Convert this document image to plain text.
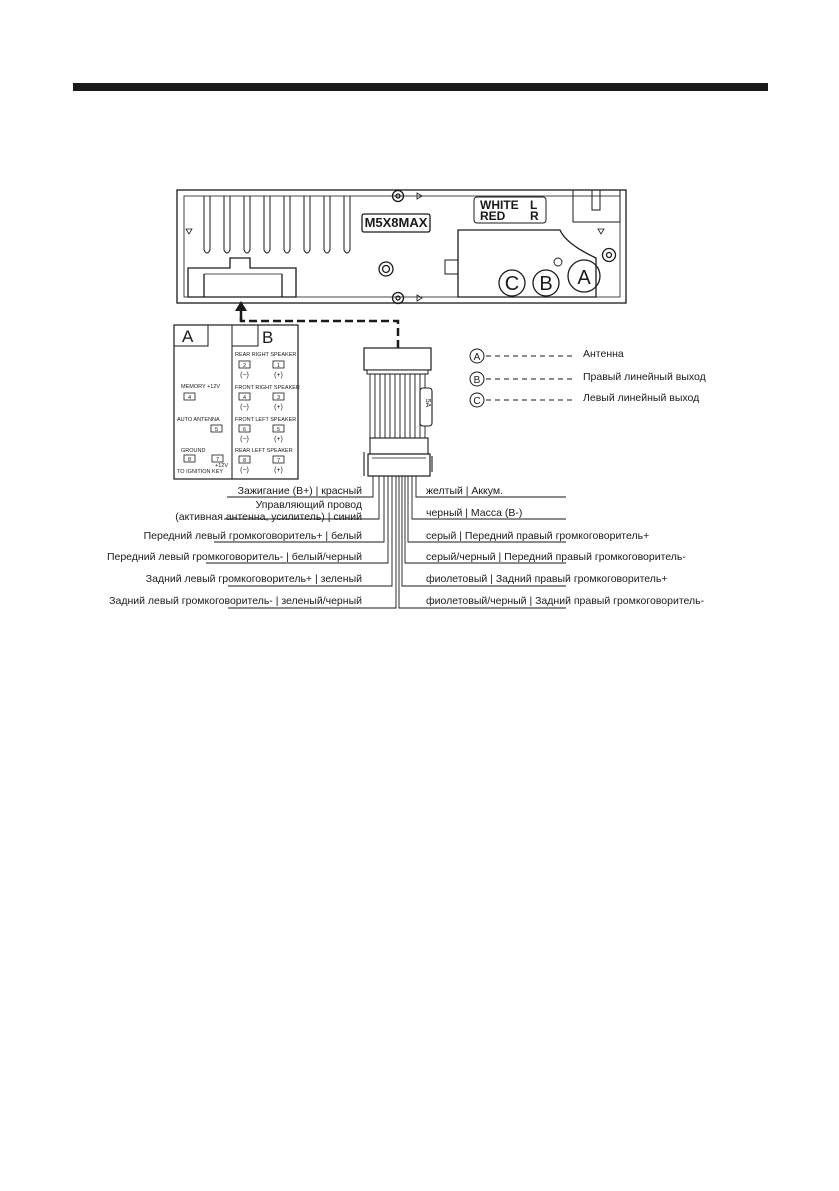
M5X8MAX
WHITE L
RED R
C B A
A	B
MEMORY +12V
4
AUTO ANTENNA
5
GROUND
8	7
+12V
TO IGNITION KEY
REAR RIGHT SPEAKER
2	1
(−)	(+)
FRONT RIGHT SPEAKER
4	3
(−)	(+)
FRONT LEFT SPEAKER
6	5
(−)	(+)
REAR LEFT SPEAKER
8	7
(−)	(+)
5A
Зажигание (B+) | красный
Управляющий провод
(активная антенна, усилитель) | синий
Передний левый громкоговоритель+ | белый
Передний левый громкоговоритель- | белый/черный
Задний левый громкоговоритель+ | зеленый
Задний левый громкоговоритель- | зеленый/черный
желтый | Аккум.
черный | Масса (B-)
серый | Передний правый громкоговоритель+
серый/черный | Передний правый громкоговоритель-
фиолетовый | Задний правый громкоговоритель+
фиолетовый/черный | Задний правый громкоговоритель-
A	Антенна
B	Правый линейный выход
C	Левый линейный выход
